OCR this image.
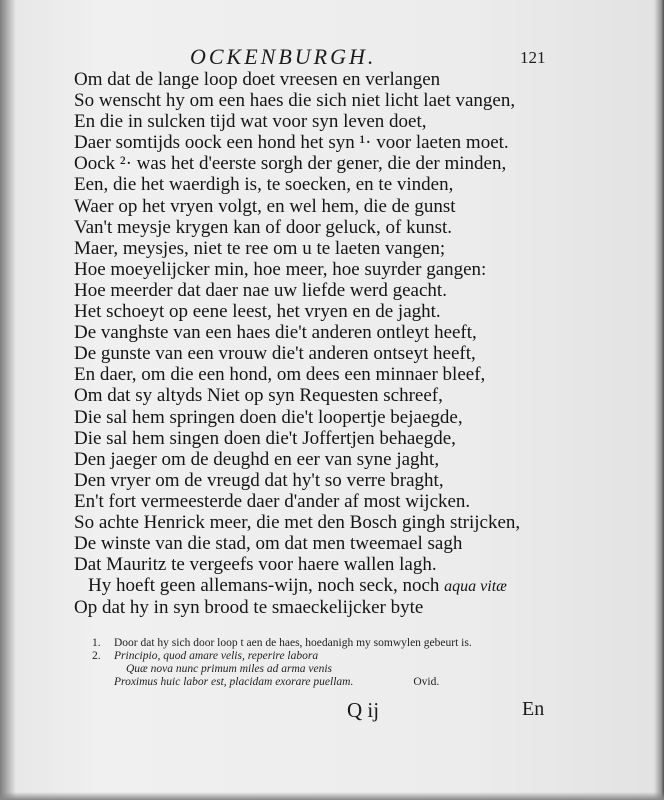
OCKENBURGH.	121
Om dat de lange loop doet vreesen en verlangen
So wenscht hy om een haes die sich niet licht laet vangen,
En die in sulcken tijd wat voor syn leven doet,
Daer somtijds oock een hond het syn ¹· voor laeten moet.
Oock ²· was het d'eerste sorgh der gener, die der minden,
Een, die het waerdigh is, te soecken, en te vinden,
Waer op het vryen volgt, en wel hem, die de gunst
Van't meysje krygen kan of door geluck, of kunst.
Maer, meysjes, niet te ree om u te laeten vangen;
Hoe moeyelijcker min, hoe meer, hoe suyrder gangen:
Hoe meerder dat daer nae uw liefde werd geacht.
Het schoeyt op eene leest, het vryen en de jaght.
De vanghste van een haes die't anderen ontleyt heeft,
De gunste van een vrouw die't anderen ontseyt heeft,
En daer, om die een hond, om dees een minnaer bleef,
Om dat sy altyds Niet op syn Requesten schreef,
Die sal hem springen doen die't loopertje bejaegde,
Die sal hem singen doen die't Joffertjen behaegde,
Den jaeger om de deughd en eer van syne jaght,
Den vryer om de vreugd dat hy't so verre braght,
En't fort vermeesterde daer d'ander af most wijcken.
So achte Henrick meer, die met den Bosch gingh strijcken,
De winste van die stad, om dat men tweemael sagh
Dat Mauritz te vergeefs voor haere wallen lagh.
Hy hoeft geen allemans-wijn, noch seck, noch aqua vitæ
Op dat hy in syn brood te smaeckelijcker byte
1. Door dat hy sich door loop t aen de haes, hoedanigh my somwylen gebeurt is.
2. Principio, quod amare velis, reperire labora
Quæ nova nunc primum miles ad arma venis
Proximus huic labor est, placidam exorare puellam.	Ovid.
Q ij	En
